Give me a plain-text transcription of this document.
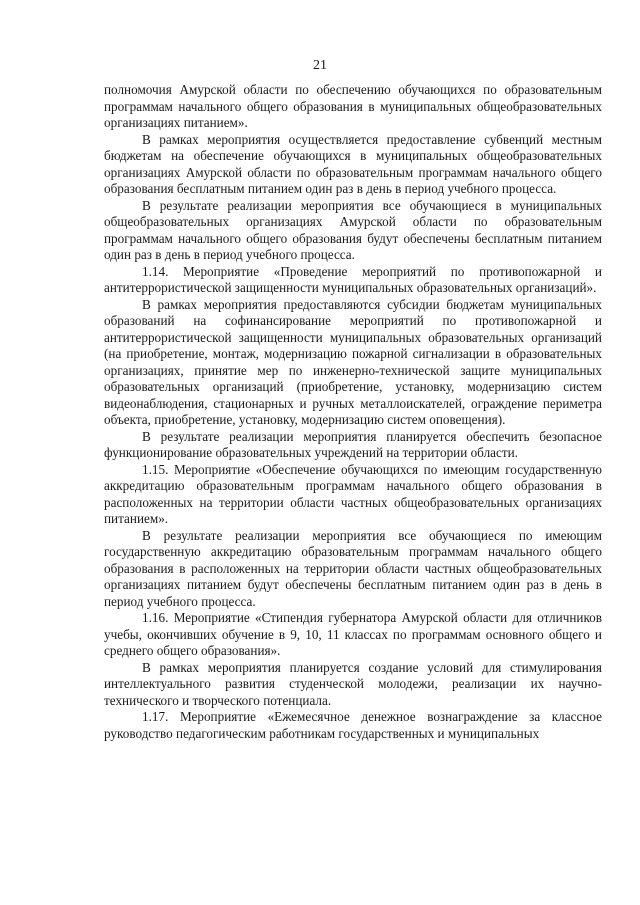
21

полномочия Амурской области по обеспечению обучающихся по образовательным программам начального общего образования в муниципальных общеобразовательных организациях питанием».

В рамках мероприятия осуществляется предоставление субвенций местным бюджетам на обеспечение обучающихся в муниципальных общеобразовательных организациях Амурской области по образовательным программам начального общего образования бесплатным питанием один раз в день в период учебного процесса.

В результате реализации мероприятия все обучающиеся в муниципальных общеобразовательных организациях Амурской области по образовательным программам начального общего образования будут обеспечены бесплатным питанием один раз в день в период учебного процесса.

1.14. Мероприятие «Проведение мероприятий по противопожарной и антитеррористической защищенности муниципальных образовательных организаций».

В рамках мероприятия предоставляются субсидии бюджетам муниципальных образований на софинансирование мероприятий по противопожарной и антитеррористической защищенности муниципальных образовательных организаций (на приобретение, монтаж, модернизацию пожарной сигнализации в образовательных организациях, принятие мер по инженерно-технической защите муниципальных образовательных организаций (приобретение, установку, модернизацию систем видеонаблюдения, стационарных и ручных металлоискателей, ограждение периметра объекта, приобретение, установку, модернизацию систем оповещения).

В результате реализации мероприятия планируется обеспечить безопасное функционирование образовательных учреждений на территории области.

1.15. Мероприятие «Обеспечение обучающихся по имеющим государственную аккредитацию образовательным программам начального общего образования в расположенных на территории области частных общеобразовательных организациях питанием».

В результате реализации мероприятия все обучающиеся по имеющим государственную аккредитацию образовательным программам начального общего образования в расположенных на территории области частных общеобразовательных организациях питанием будут обеспечены бесплатным питанием один раз в день в период учебного процесса.

1.16. Мероприятие «Стипендия губернатора Амурской области для отличников учебы, окончивших обучение в 9, 10, 11 классах по программам основного общего и среднего общего образования».

В рамках мероприятия планируется создание условий для стимулирования интеллектуального развития студенческой молодежи, реализации их научно-технического и творческого потенциала.

1.17. Мероприятие «Ежемесячное денежное вознаграждение за классное руководство педагогическим работникам государственных и муниципальных
